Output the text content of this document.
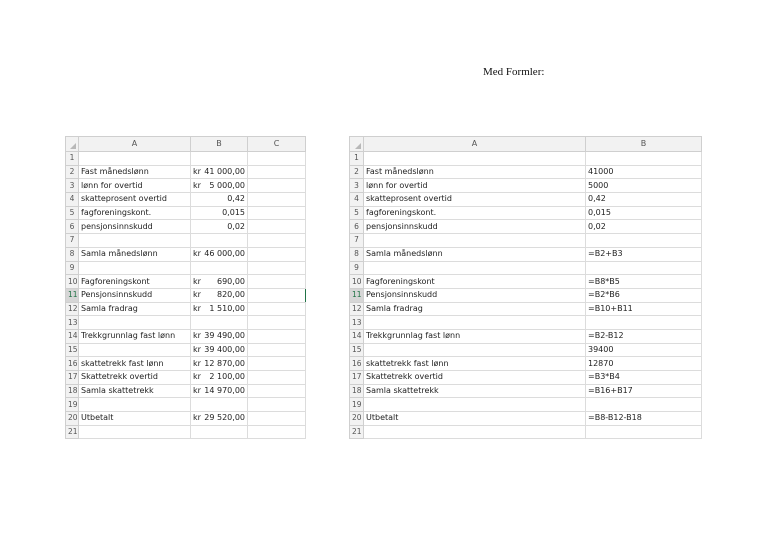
Med Formler:
	A	B	C
1			
2	Fast månedslønn	kr 41 000,00	

3	lønn for overtid	kr 5 000,00	

4	skatteprosent overtid	0,42	
5	fagforeningskont.	0,015	
6	pensjonsinnskudd	0,02	
7			
8	Samla månedslønn	kr 46 000,00	

9			
10	Fagforeningskont	kr 690,00	

11	Pensjonsinnskudd	kr 820,00	

12	Samla fradrag	kr 1 510,00	

13			
14	Trekkgrunnlag fast lønn	kr 39 490,00	

15		kr 39 400,00	

16	skattetrekk fast lønn	kr 12 870,00	

17	Skattetrekk overtid	kr 2 100,00	

18	Samla skattetrekk	kr 14 970,00	

19			
20	Utbetalt	kr 29 520,00	

21			
	A	B
1		
2	Fast månedslønn	41000
3	lønn for overtid	5000
4	skatteprosent overtid	0,42
5	fagforeningskont.	0,015
6	pensjonsinnskudd	0,02
7		
8	Samla månedslønn	=B2+B3
9		
10	Fagforeningskont	=B8*B5
11	Pensjonsinnskudd	=B2*B6
12	Samla fradrag	=B10+B11
13		
14	Trekkgrunnlag fast lønn	=B2-B12
15		39400
16	skattetrekk fast lønn	12870
17	Skattetrekk overtid	=B3*B4
18	Samla skattetrekk	=B16+B17
19		
20	Utbetalt	=B8-B12-B18
21		
